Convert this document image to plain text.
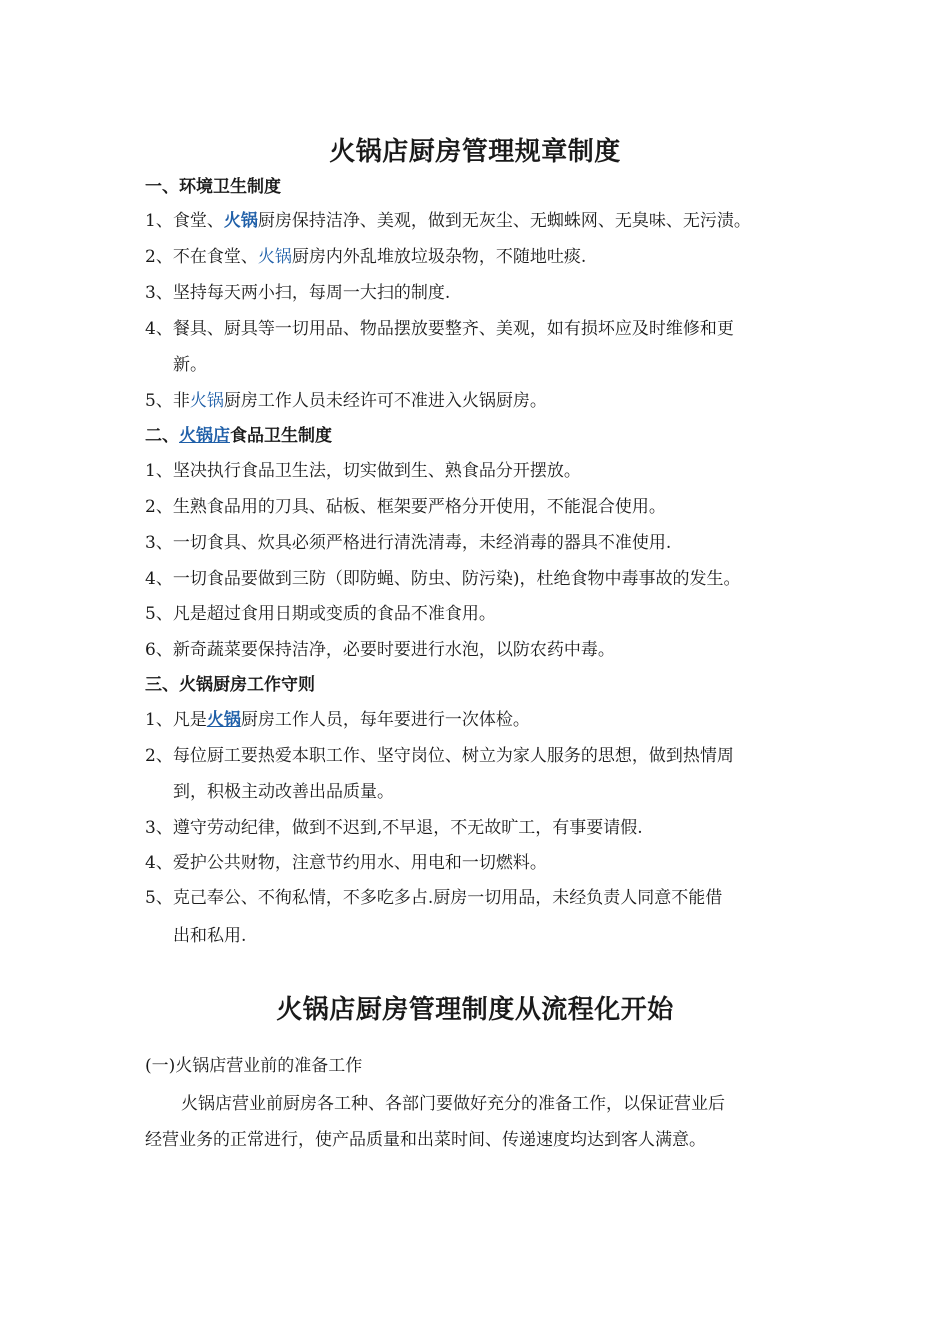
火锅店厨房管理规章制度
一、环境卫生制度
1、食堂、火锅厨房保持洁净、美观，做到无灰尘、无蜘蛛网、无臭味、无污渍。
2、不在食堂、火锅厨房内外乱堆放垃圾杂物，不随地吐痰.
3、坚持每天两小扫，每周一大扫的制度.
4、餐具、厨具等一切用品、物品摆放要整齐、美观，如有损坏应及时维修和更
新。
5、非火锅厨房工作人员未经许可不准进入火锅厨房。
二、火锅店食品卫生制度
1、坚决执行食品卫生法，切实做到生、熟食品分开摆放。
2、生熟食品用的刀具、砧板、框架要严格分开使用，不能混合使用。
3、一切食具、炊具必须严格进行清洗清毒，未经消毒的器具不准使用.
4、一切食品要做到三防（即防蝇、防虫、防污染)，杜绝食物中毒事故的发生。
5、凡是超过食用日期或变质的食品不准食用。
6、新奇蔬菜要保持洁净，必要时要进行水泡，以防农药中毒。
三、火锅厨房工作守则
1、凡是火锅厨房工作人员，每年要进行一次体检。
2、每位厨工要热爱本职工作、坚守岗位、树立为家人服务的思想，做到热情周
到，积极主动改善出品质量。
3、遵守劳动纪律，做到不迟到,不早退，不无故旷工，有事要请假.
4、爱护公共财物，注意节约用水、用电和一切燃料。
5、克己奉公、不徇私情，不多吃多占.厨房一切用品，未经负责人同意不能借
出和私用.
火锅店厨房管理制度从流程化开始
(一)火锅店营业前的准备工作
火锅店营业前厨房各工种、各部门要做好充分的准备工作，以保证营业后
经营业务的正常进行，使产品质量和出菜时间、传递速度均达到客人满意。
